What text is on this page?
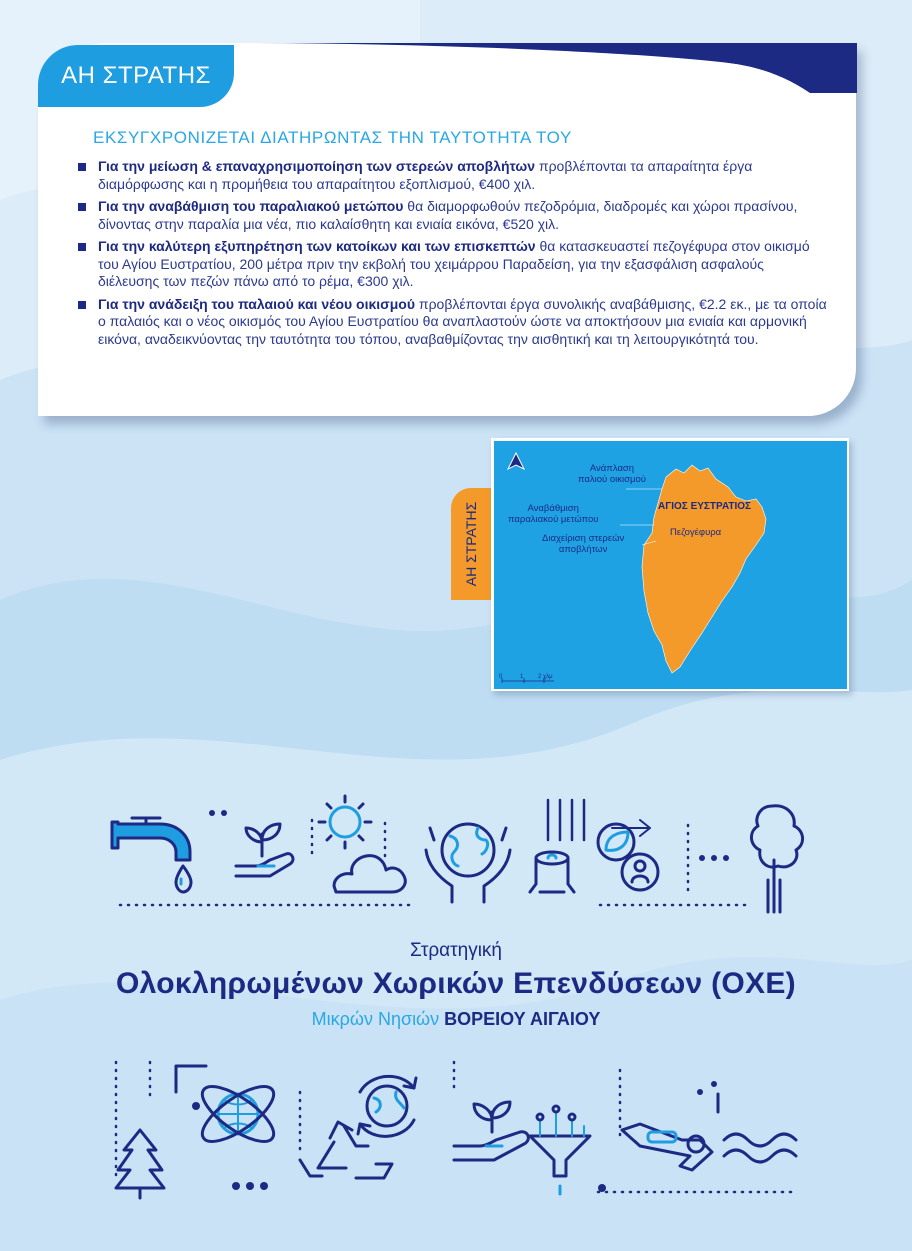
ΑΗ ΣΤΡΑΤΗΣ
ΕΚΣΥΓΧΡΟΝΙΖΕΤΑΙ ΔΙΑΤΗΡΩΝΤΑΣ ΤΗΝ ΤΑΥΤΟΤΗΤΑ ΤΟΥ
Για την μείωση & επαναχρησιμοποίηση των στερεών αποβλήτων προβλέπονται τα απαραίτητα έργα διαμόρφωσης και η προμήθεια του απαραίτητου εξοπλισμού, €400 χιλ.
Για την αναβάθμιση του παραλιακού μετώπου θα διαμορφωθούν πεζοδρόμια, διαδρομές και χώροι πρασίνου, δίνοντας στην παραλία μια νέα, πιο καλαίσθητη και ενιαία εικόνα, €520 χιλ.
Για την καλύτερη εξυπηρέτηση των κατοίκων και των επισκεπτών θα κατασκευαστεί πεζογέφυρα στον οικισμό του Αγίου Ευστρατίου, 200 μέτρα πριν την εκβολή του χειμάρρου Παραδείση, για την εξασφάλιση ασφαλούς διέλευσης των πεζών πάνω από το ρέμα, €300 χιλ.
Για την ανάδειξη του παλαιού και νέου οικισμού προβλέπονται έργα συνολικής αναβάθμισης, €2.2 εκ., με τα οποία ο παλαιός και ο νέος οικισμός του Αγίου Ευστρατίου θα αναπλαστούν ώστε να αποκτήσουν μια ενιαία και αρμονική εικόνα, αναδεικνύοντας την ταυτότητα του τόπου, αναβαθμίζοντας την αισθητική και τη λειτουργικότητά του.
ΑΗ ΣΤΡΑΤΗΣ
Ανάπλαση
παλιού οικισμού
Αναβάθμιση
παραλιακού μετώπου
ΑΓΙΟΣ ΕΥΣΤΡΑΤΙΟΣ
Πεζογέφυρα
Διαχείριση στερεών
αποβλήτων
0	1 2 χλμ
Στρατηγική
Ολοκληρωμένων Χωρικών Επενδύσεων (ΟΧΕ)
Μικρών Νησιών ΒΟΡΕΙΟΥ ΑΙΓΑΙΟΥ
